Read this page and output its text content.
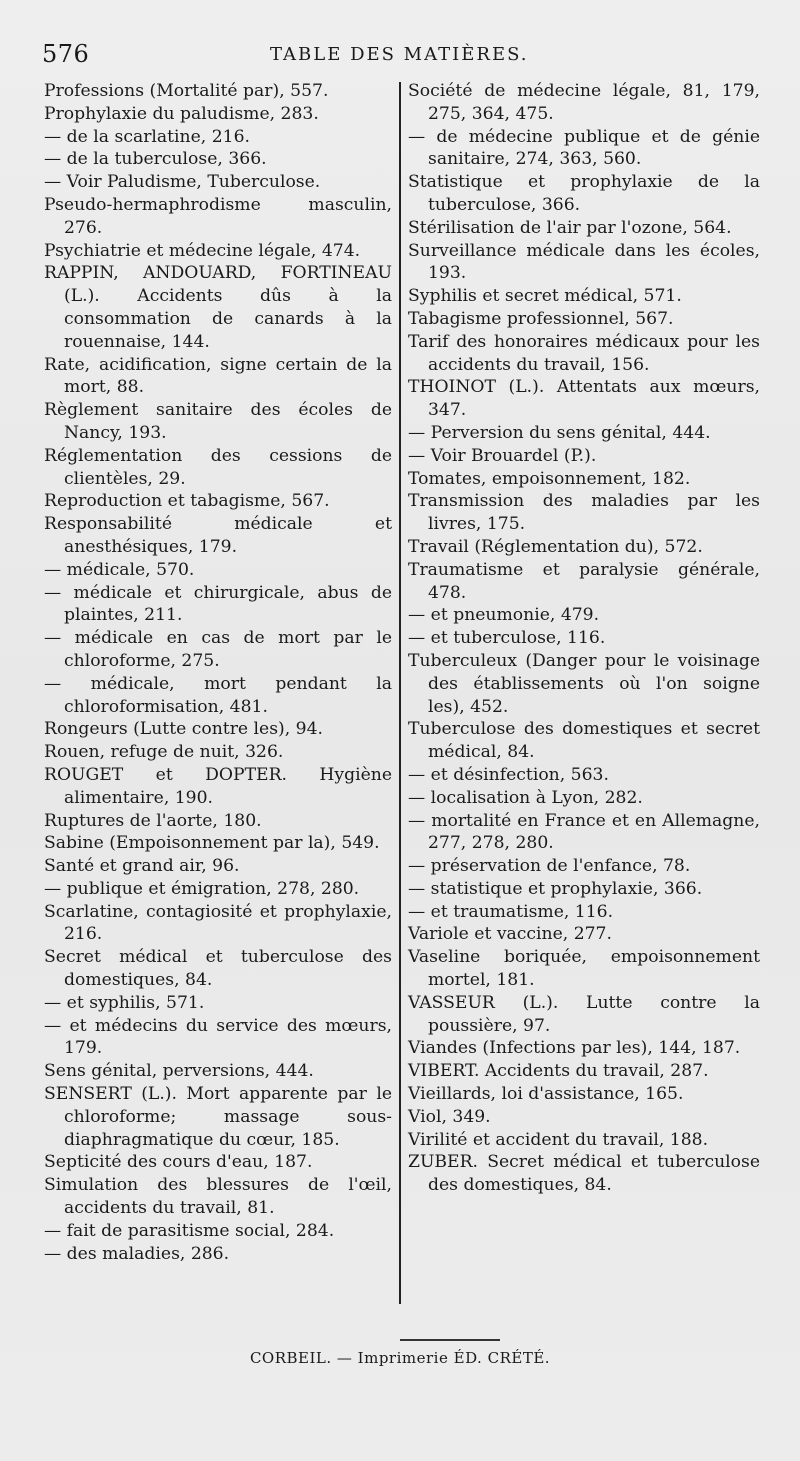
576	TABLE DES MATIÈRES.

Professions (Mortalité par), 557.

Prophylaxie du paludisme, 283.

— de la scarlatine, 216.

— de la tuberculose, 366.

— Voir Paludisme, Tuberculose.

Pseudo-hermaphrodisme masculin, 276.

Psychiatrie et médecine légale, 474.

RAPPIN, ANDOUARD, FORTINEAU (L.). Accidents dûs à la consommation de canards à la rouennaise, 144.

Rate, acidification, signe certain de la mort, 88.

Règlement sanitaire des écoles de Nancy, 193.

Réglementation des cessions de clientèles, 29.

Reproduction et tabagisme, 567.

Responsabilité médicale et anesthésiques, 179.

— médicale, 570.

— médicale et chirurgicale, abus de plaintes, 211.

— médicale en cas de mort par le chloroforme, 275.

— médicale, mort pendant la chloroformisation, 481.

Rongeurs (Lutte contre les), 94.

Rouen, refuge de nuit, 326.

ROUGET et DOPTER. Hygiène alimentaire, 190.

Ruptures de l'aorte, 180.

Sabine (Empoisonnement par la), 549.

Santé et grand air, 96.

— publique et émigration, 278, 280.

Scarlatine, contagiosité et prophylaxie, 216.

Secret médical et tuberculose des domestiques, 84.

— et syphilis, 571.

— et médecins du service des mœurs, 179.

Sens génital, perversions, 444.

SENSERT (L.). Mort apparente par le chloroforme; massage sous-diaphragmatique du cœur, 185.

Septicité des cours d'eau, 187.

Simulation des blessures de l'œil, accidents du travail, 81.

— fait de parasitisme social, 284.

— des maladies, 286.

Société de médecine légale, 81, 179, 275, 364, 475.

— de médecine publique et de génie sanitaire, 274, 363, 560.

Statistique et prophylaxie de la tuberculose, 366.

Stérilisation de l'air par l'ozone, 564.

Surveillance médicale dans les écoles, 193.

Syphilis et secret médical, 571.

Tabagisme professionnel, 567.

Tarif des honoraires médicaux pour les accidents du travail, 156.

THOINOT (L.). Attentats aux mœurs, 347.

— Perversion du sens génital, 444.

— Voir Brouardel (P.).

Tomates, empoisonnement, 182.

Transmission des maladies par les livres, 175.

Travail (Réglementation du), 572.

Traumatisme et paralysie générale, 478.

— et pneumonie, 479.

— et tuberculose, 116.

Tuberculeux (Danger pour le voisinage des établissements où l'on soigne les), 452.

Tuberculose des domestiques et secret médical, 84.

— et désinfection, 563.

— localisation à Lyon, 282.

— mortalité en France et en Allemagne, 277, 278, 280.

— préservation de l'enfance, 78.

— statistique et prophylaxie, 366.

— et traumatisme, 116.

Variole et vaccine, 277.

Vaseline boriquée, empoisonnement mortel, 181.

VASSEUR (L.). Lutte contre la poussière, 97.

Viandes (Infections par les), 144, 187.

VIBERT. Accidents du travail, 287.

Vieillards, loi d'assistance, 165.

Viol, 349.

Virilité et accident du travail, 188.

ZUBER. Secret médical et tuberculose des domestiques, 84.

CORBEIL. — Imprimerie ÉD. CRÉTÉ.
